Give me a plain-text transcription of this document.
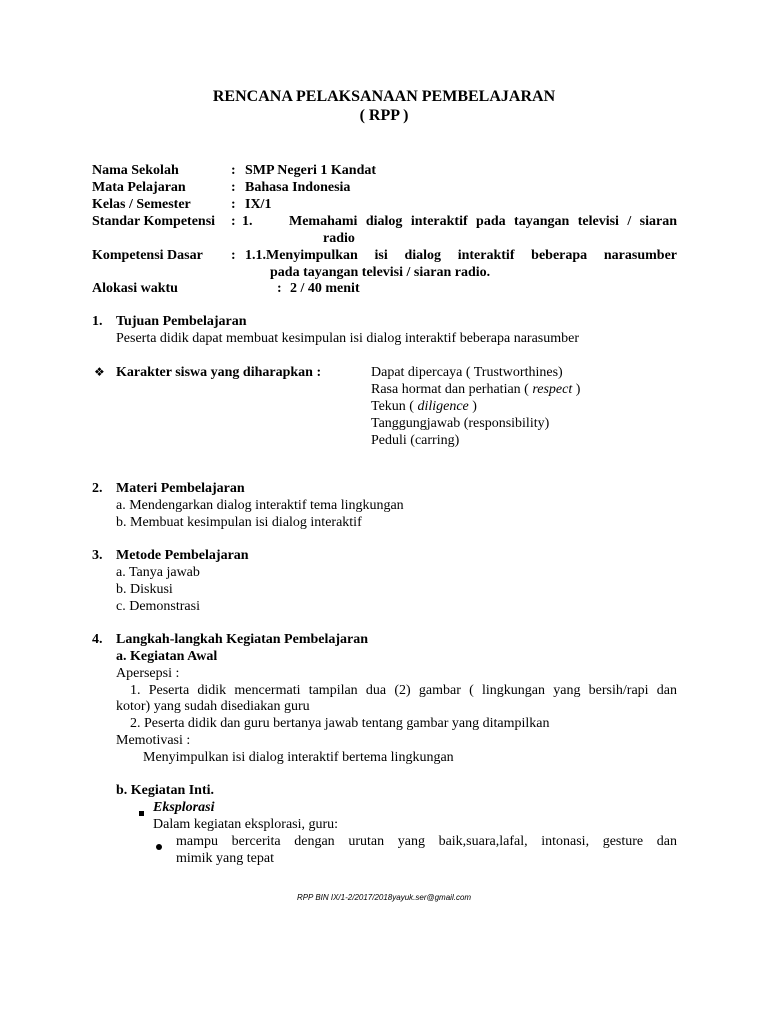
RENCANA PELAKSANAAN PEMBELAJARAN
( RPP )
Nama Sekolah	: SMP Negeri 1 Kandat
Mata Pelajaran	: Bahasa Indonesia
Kelas / Semester	: IX/1
Standar Kompetensi : 1.	Memahami dialog interaktif pada tayangan televisi / siaran
radio
Kompetensi Dasar : 1.1.Menyimpulkan isi dialog interaktif beberapa narasumber
pada tayangan televisi / siaran radio.
Alokasi waktu	: 2 / 40 menit
1. Tujuan Pembelajaran
Peserta didik dapat membuat kesimpulan isi dialog interaktif beberapa narasumber
❖ Karakter siswa yang diharapkan :	Dapat dipercaya ( Trustworthines)
Rasa hormat dan perhatian ( respect )
Tekun ( diligence )
Tanggungjawab (responsibility)
Peduli (carring)
2. Materi Pembelajaran
a. Mendengarkan dialog interaktif tema lingkungan
b. Membuat kesimpulan isi dialog interaktif
3. Metode Pembelajaran
a. Tanya jawab
b. Diskusi
c. Demonstrasi
4. Langkah-langkah Kegiatan Pembelajaran
a. Kegiatan Awal
Apersepsi :
1. Peserta didik mencermati tampilan dua (2) gambar ( lingkungan yang bersih/rapi dan
kotor) yang sudah disediakan guru
2. Peserta didik dan guru bertanya jawab tentang gambar yang ditampilkan
Memotivasi :
Menyimpulkan isi dialog interaktif bertema lingkungan
b. Kegiatan Inti.
Eksplorasi
Dalam kegiatan eksplorasi, guru:
mampu bercerita dengan urutan yang baik,suara,lafal, intonasi, gesture dan
mimik yang tepat
RPP BIN IX/1-2/2017/2018yayuk.ser@gmail.com
